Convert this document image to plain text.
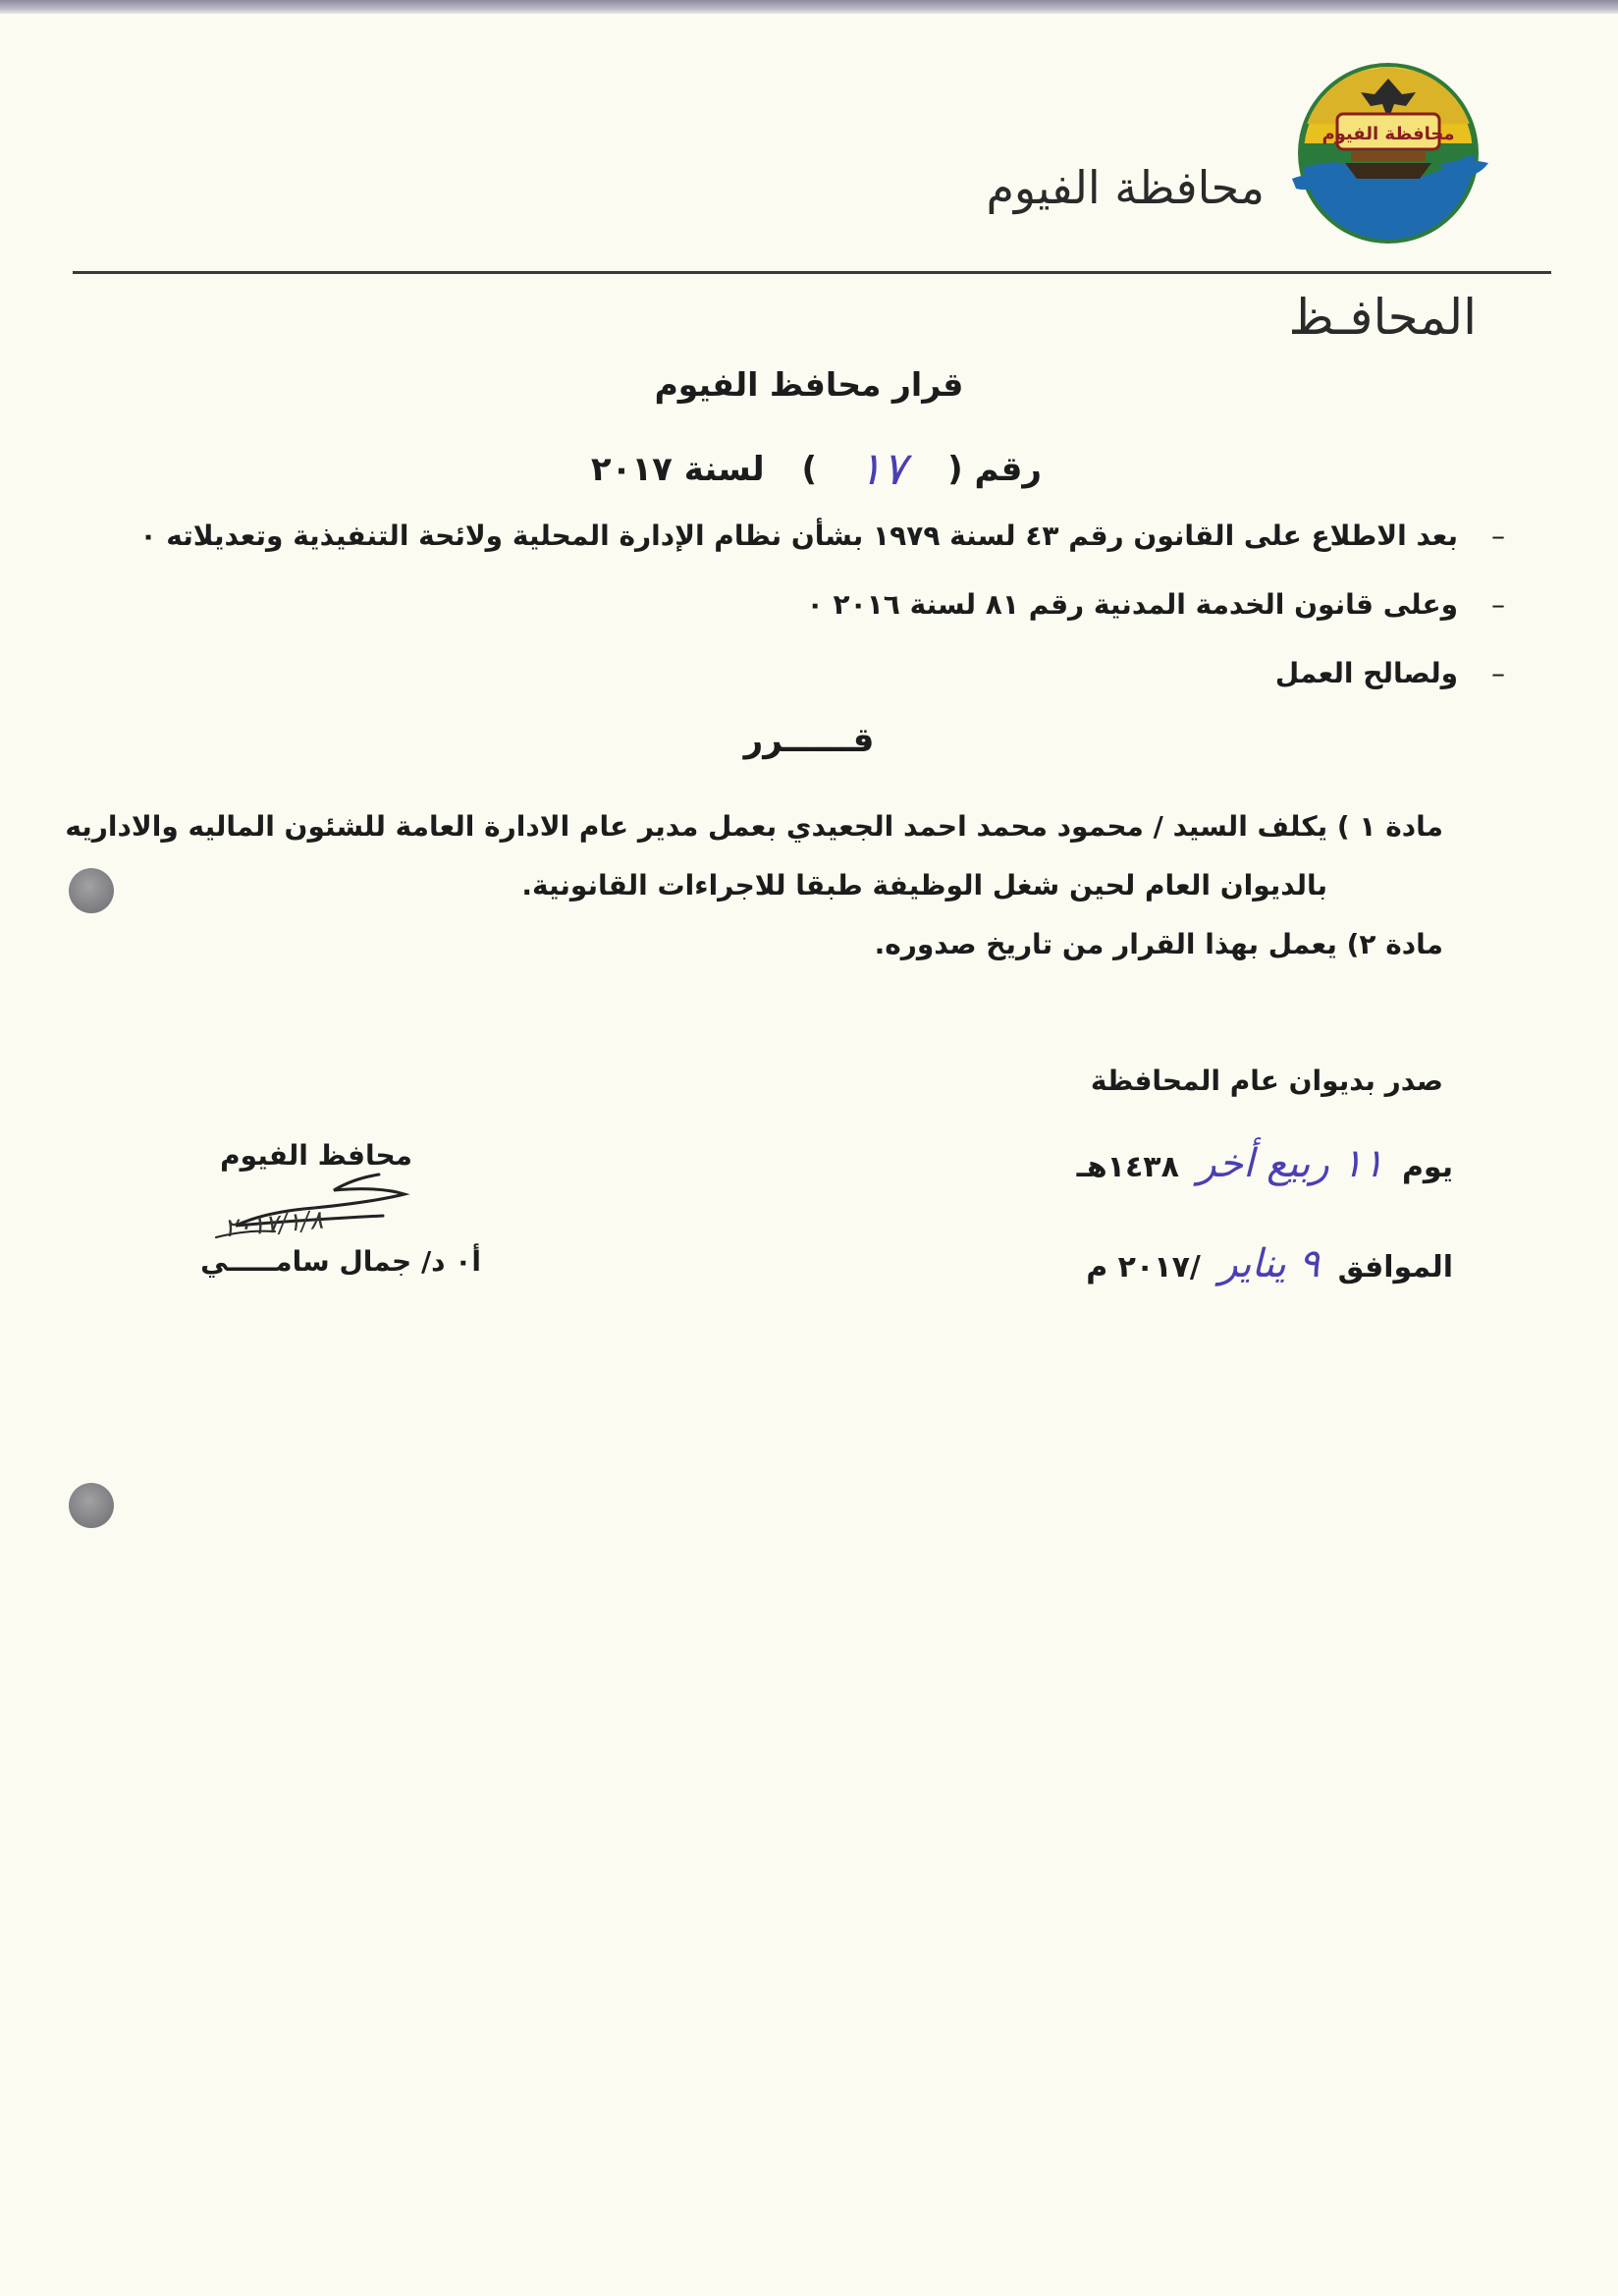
محافظة الفيوم
محافظة الفيوم
المحافـظ
قرار محافظ الفيوم
رقم ( ١٧ ) لسنة ٢٠١٧
–بعد الاطلاع على القانون رقم ٤٣ لسنة ١٩٧٩ بشأن نظام الإدارة المحلية ولائحة التنفيذية وتعديلاته ٠
–وعلى قانون الخدمة المدنية رقم ٨١ لسنة ٢٠١٦ ٠
–ولصالح العمل
قــــــرر
مادة ١ ) يكلف السيد / محمود محمد احمد الجعيدي بعمل مدير عام الادارة العامة للشئون الماليه والاداريه
بالديوان العام لحين شغل الوظيفة طبقا للاجراءات القانونية.
مادة ٢) يعمل بهذا القرار من تاريخ صدوره.
صدر بديوان عام المحافظة
يوم ١١ ربيع أخر ١٤٣٨هـ
الموافق ٩ يناير /٢٠١٧ م
محافظ الفيوم
٢٠١٧/١/٨
أ٠ د/ جمال سامـــــي
